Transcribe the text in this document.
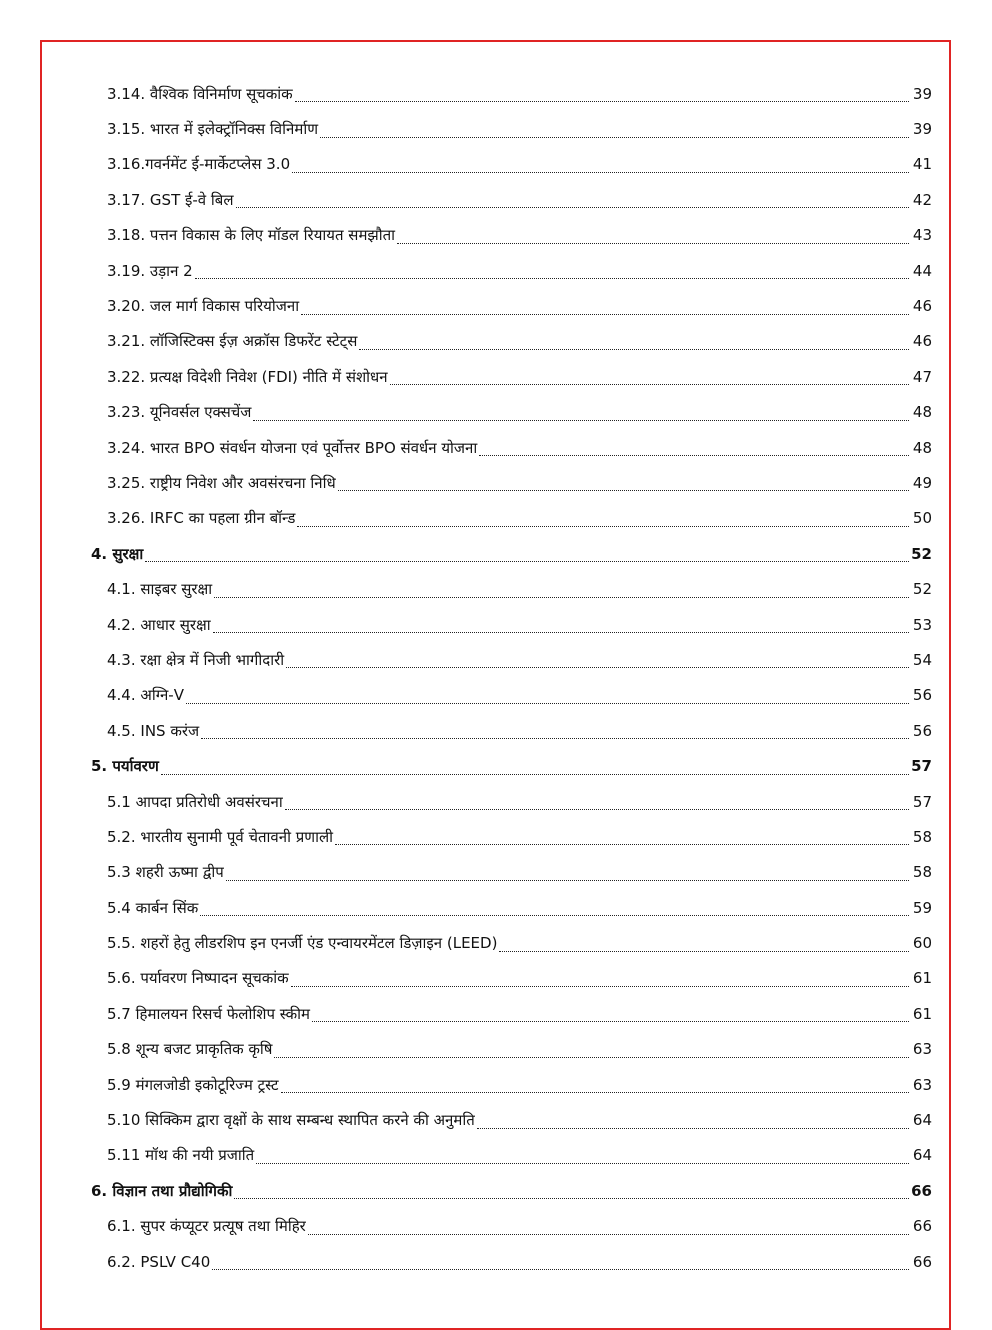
3.14. वैश्विक विनिर्माण सूचकांक	39
3.15. भारत में इलेक्ट्रॉनिक्स विनिर्माण	39
3.16.गवर्नमेंट ई-मार्केटप्लेस 3.0	41
3.17. GST ई-वे बिल	42
3.18. पत्तन विकास के लिए मॉडल रियायत समझौता	43
3.19. उड़ान 2	44
3.20. जल मार्ग विकास परियोजना	46
3.21. लॉजिस्टिक्स ईज़ अक्रॉस डिफरेंट स्टेट्स	46
3.22. प्रत्यक्ष विदेशी निवेश (FDI) नीति में संशोधन	47
3.23. यूनिवर्सल एक्सचेंज	48
3.24. भारत BPO संवर्धन योजना एवं पूर्वोत्तर BPO संवर्धन योजना	48
3.25. राष्ट्रीय निवेश और अवसंरचना निधि	49
3.26. IRFC का पहला ग्रीन बॉन्ड	50
4. सुरक्षा	52
4.1. साइबर सुरक्षा	52
4.2. आधार सुरक्षा	53
4.3. रक्षा क्षेत्र में निजी भागीदारी	54
4.4. अग्नि-V	56
4.5. INS करंज	56
5. पर्यावरण	57
5.1 आपदा प्रतिरोधी अवसंरचना	57
5.2. भारतीय सुनामी पूर्व चेतावनी प्रणाली	58
5.3 शहरी ऊष्मा द्वीप	58
5.4 कार्बन सिंक	59
5.5. शहरों हेतु लीडरशिप इन एनर्जी एंड एन्वायरमेंटल डिज़ाइन (LEED)	60
5.6. पर्यावरण निष्पादन सूचकांक	61
5.7 हिमालयन रिसर्च फेलोशिप स्कीम	61
5.8 शून्य बजट प्राकृतिक कृषि	63
5.9 मंगलजोडी इकोटूरिज्म ट्रस्ट	63
5.10 सिक्किम द्वारा वृक्षों के साथ सम्बन्ध स्थापित करने की अनुमति	64
5.11 मॉथ की नयी प्रजाति	64
6. विज्ञान तथा प्रौद्योगिकी	66
6.1. सुपर कंप्यूटर प्रत्यूष तथा मिहिर	66
6.2. PSLV C40	66
